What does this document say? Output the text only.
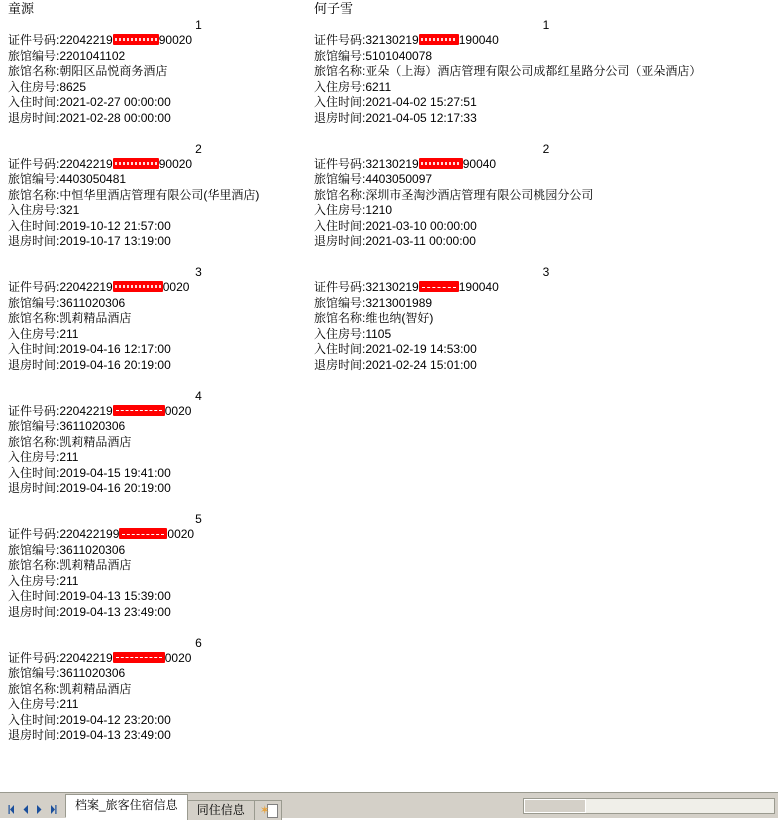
童源
1
证件号码:22042219	90020
旅馆编号:2201041102
旅馆名称:朝阳区品悦商务酒店
入住房号:8625
入住时间:2021-02-27 00:00:00
退房时间:2021-02-28 00:00:00
2
证件号码:22042219	90020
旅馆编号:4403050481
旅馆名称:中恒华里酒店管理有限公司(华里酒店)
入住房号:321
入住时间:2019-10-12 21:57:00
退房时间:2019-10-17 13:19:00
3
证件号码:22042219	0020
旅馆编号:3611020306
旅馆名称:凯莉精品酒店
入住房号:211
入住时间:2019-04-16 12:17:00
退房时间:2019-04-16 20:19:00
4
证件号码:22042219	0020
旅馆编号:3611020306
旅馆名称:凯莉精品酒店
入住房号:211
入住时间:2019-04-15 19:41:00
退房时间:2019-04-16 20:19:00
5
证件号码:220422199	0020
旅馆编号:3611020306
旅馆名称:凯莉精品酒店
入住房号:211
入住时间:2019-04-13 15:39:00
退房时间:2019-04-13 23:49:00
6
证件号码:22042219	0020
旅馆编号:3611020306
旅馆名称:凯莉精品酒店
入住房号:211
入住时间:2019-04-12 23:20:00
退房时间:2019-04-13 23:49:00
何子雪
1
证件号码:32130219	190040
旅馆编号:5101040078
旅馆名称:亚朵（上海）酒店管理有限公司成都红星路分公司（亚朵酒店）
入住房号:6211
入住时间:2021-04-02 15:27:51
退房时间:2021-04-05 12:17:33
2
证件号码:32130219	90040
旅馆编号:4403050097
旅馆名称:深圳市圣淘沙酒店管理有限公司桃园分公司
入住房号:1210
入住时间:2021-03-10 00:00:00
退房时间:2021-03-11 00:00:00
3
证件号码:32130219	190040
旅馆编号:3213001989
旅馆名称:维也纳(智好)
入住房号:1105
入住时间:2021-02-19 14:53:00
退房时间:2021-02-24 15:01:00
档案_旅客住宿信息	同住信息	✶
